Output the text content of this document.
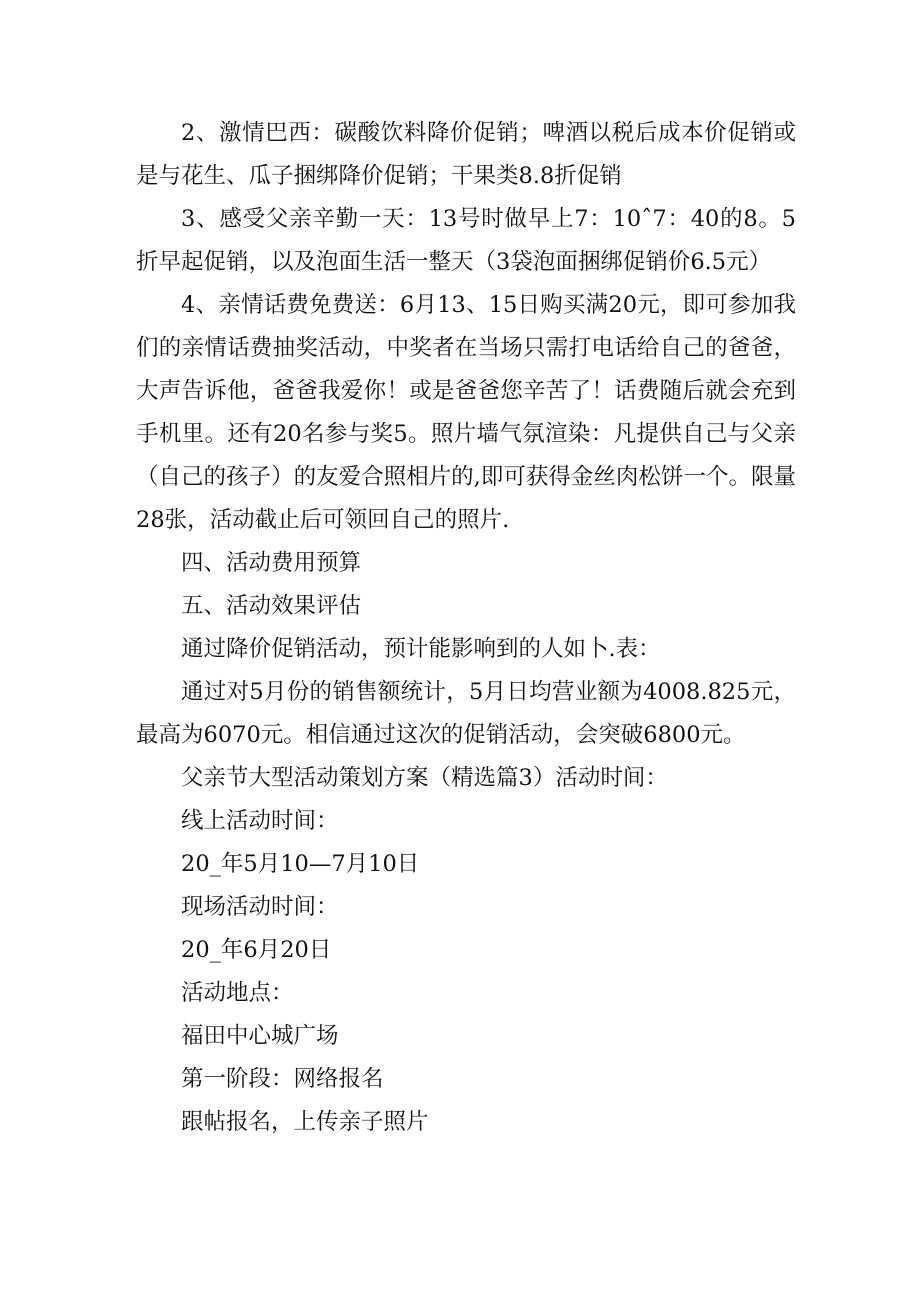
2、激情巴西：碳酸饮料降价促销；啤酒以税后成本价促销或是与花生、瓜子捆绑降价促销；干果类8.8折促销

3、感受父亲辛勤一天：13号时做早上7：10ˆ7：40的8。5折早起促销，以及泡面生活一整天（3袋泡面捆绑促销价6.5元）

4、亲情话费免费送：6月13、15日购买满20元，即可参加我们的亲情话费抽奖活动，中奖者在当场只需打电话给自己的爸爸，大声告诉他，爸爸我爱你！或是爸爸您辛苦了！话费随后就会充到手机里。还有20名参与奖5。照片墙气氛渲染：凡提供自己与父亲（自己的孩子）的友爱合照相片的,即可获得金丝肉松饼一个。限量28张，活动截止后可领回自己的照片.

四、活动费用预算

五、活动效果评估

通过降价促销活动，预计能影响到的人如卜.表：

通过对5月份的销售额统计，5月日均营业额为4008.825元，最高为6070元。相信通过这次的促销活动，会突破6800元。

父亲节大型活动策划方案（精选篇3）活动时间：

线上活动时间：

20_年5月10—7月10日

现场活动时间：

20_年6月20日

活动地点：

福田中心城广场

第一阶段：网络报名

跟帖报名，上传亲子照片
